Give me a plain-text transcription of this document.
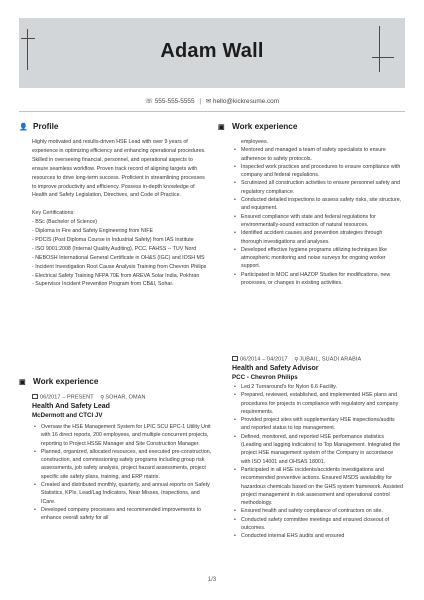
Adam Wall
☏ 555-555-5555 | ✉ hello@kickresume.com
👤 Profile

Highly motivated and results-driven HSE Lead with over 9 years of experience in optimizing efficiency and enhancing operational procedures. Skilled in overseeing financial, personnel, and operational aspects to ensure seamless workflow. Proven track record of aligning targets with resources to drive long-term success. Proficient in streamlining processes to improve productivity and efficiency. Possess in-depth knowledge of Health and Safety Legislation, Directives, and Code of Practice.

Key Certifications:

- BSc (Bachelor of Science)

- Diploma in Fire and Safety Engineering from NIFE

- PDCIS (Post Diploma Course in Industrial Safety) from IAS Institute

- ISO 9001:2008 (Internal Quality Auditing), PCC, FAHSS -- TUV Nord

- NEBOSH International General Certificate in OH&S (IGC) and IOSH MS

- Incident Investigation Root Cause Analysis Training from Chevron Philips

- Electrical Safety Training NFPA 70E from AREVA Solar India, Pokhran

- Supervisor Incident Prevention Program from CB&I, Sohar.

▣ Work experience
06/2017 – PRESENT ⚲SOHAR, OMAN
Health And Safety Lead
McDermott and CTCI JV
• Oversaw the HSE Management System for LPIC SCU EPC-1 Utility Unit with 16 direct reports, 200 employees, and multiple concurrent projects, reporting to Project HSSE Manager and Site Construction Manager.
• Planned, organized, allocated resources, and executed pre-construction, construction, and commissioning safety programs including group risk assessments, job safety analysis, project hazard assessments, project specific site safety plans, training, and ERP matrix.
• Created and distributed monthly, quarterly, and annual reports on Safety Statistics, KPIs, Lead/Lag Indicators, Near Misses, Inspections, and ICare.
• Developed company processes and recommended improvements to enhance overall safety for all
▣ Work experience
employees.
• Mentored and managed a team of safety specialists to ensure adherence to safety protocols.
• Inspected work practices and procedures to ensure compliance with company and federal regulations.
• Scrutinized all construction activities to ensure personnel safety and regulatory compliance.
• Conducted detailed inspections to assess safety risks, site structure, and equipment.
• Ensured compliance with state and federal regulations for environmentally-sound extraction of natural resources.
• Identified accident causes and prevention strategies through thorough investigations and analyses.
• Developed effective hygiene programs utilizing techniques like atmospheric monitoring and noise surveys for ongoing worker support.
• Participated in MOC and HAZOP Studies for modifications, new processes, or changes in existing activities.
06/2014 – 04/2017 ⚲JUBAIL, SUADI ARABIA
Health and Safety Advisor
PCC - Chevron Philips
• Led 2 Turnaround's for Nylon 6.6 Facility.
• Prepared, reviewed, established, and implemented HSE plans and procedures for projects in compliance with regulatory and company requirements.
• Provided project sites with supplementary HSE inspections/audits and reported status to top management.
• Defined, monitored, and reported HSE performance statistics (Leading and lagging indicators) to Top Management. Integrated the project HSE management system of the Company in accordance with ISO 14001 and OHSAS 18001.
• Participated in all HSE incidents/accidents investigations and recommended preventive actions. Ensured MSDS availability for hazardous chemicals based on the GHS system framework. Assisted project management in risk assessment and operational control methodology.
• Ensured health and safety compliance of contractors on site.
• Conducted safety committee meetings and ensured closeout of outcomes.
• Conducted internal EHS audits and ensured
1/3
